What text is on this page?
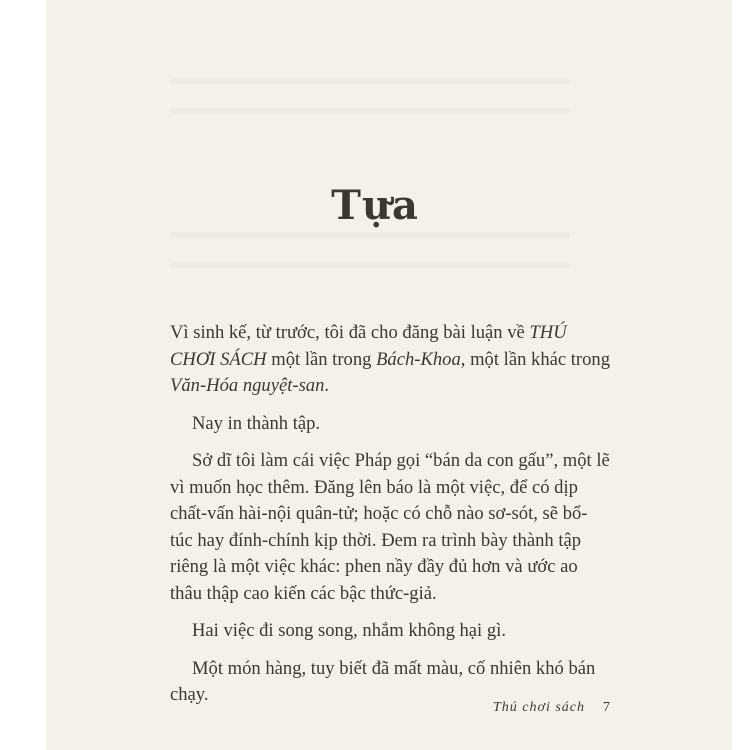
Tựa

Vì sinh kế, từ trước, tôi đã cho đăng bài luận về THÚ CHƠI SÁCH một lần trong Bách-Khoa, một lần khác trong Văn-Hóa nguyệt-san.

Nay in thành tập.

Sở dĩ tôi làm cái việc Pháp gọi “bán da con gấu”, một lẽ vì muốn học thêm. Đăng lên báo là một việc, để có dịp chất-vấn hài-nội quân-tử; hoặc có chỗ nào sơ-sót, sẽ bổ-túc hay đính-chính kịp thời. Đem ra trình bày thành tập riêng là một việc khác: phen nầy đầy đủ hơn và ước ao thâu thập cao kiến các bậc thức-giả.

Hai việc đi song song, nhắm không hại gì.

Một món hàng, tuy biết đã mất màu, cố nhiên khó bán chạy.

Thú chơi sách 7
